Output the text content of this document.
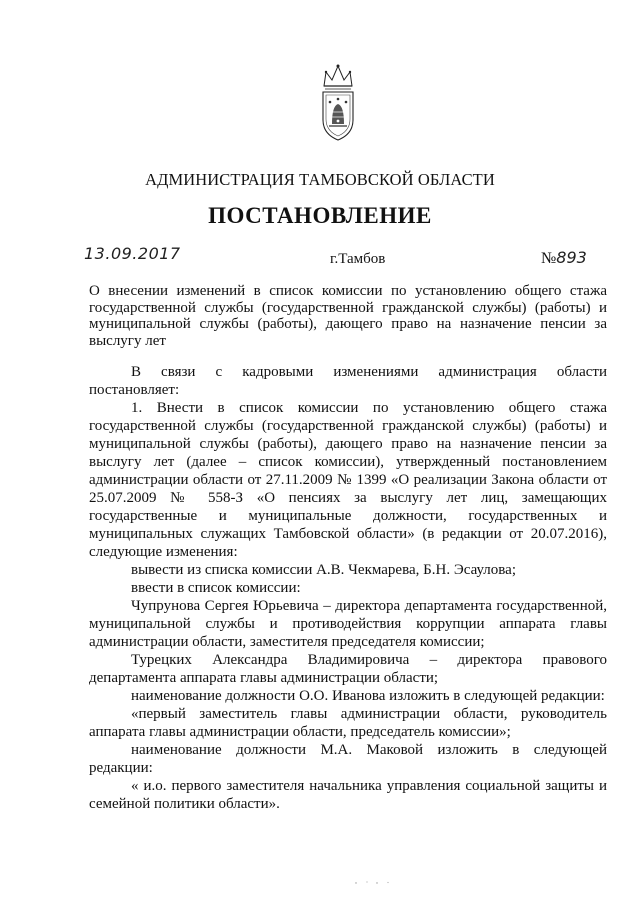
АДМИНИСТРАЦИЯ ТАМБОВСКОЙ ОБЛАСТИ
ПОСТАНОВЛЕНИЕ
13.09.2017	г.Тамбов	№893
О внесении изменений в список комиссии по установлению общего стажа государственной службы (государственной гражданской службы) (работы) и муниципальной службы (работы), дающего право на назначение пенсии за выслугу лет

В связи с кадровыми изменениями администрация области

постановляет:

1. Внести в список комиссии по установлению общего стажа государственной службы (государственной гражданской службы) (работы) и муниципальной службы (работы), дающего право на назначение пенсии за выслугу лет (далее – список комиссии), утвержденный постановлением администрации области от 27.11.2009 № 1399 «О реализации Закона области от 25.07.2009 № 558-З «О пенсиях за выслугу лет лиц, замещающих государственные и муниципальные должности, государственных и муниципальных служащих Тамбовской области» (в редакции от 20.07.2016), следующие изменения:

вывести из списка комиссии А.В. Чекмарева, Б.Н. Эсаулова;

ввести в список комиссии:

Чупрунова Сергея Юрьевича – директора департамента государственной, муниципальной службы и противодействия коррупции аппарата главы администрации области, заместителя председателя комиссии;

Турецких Александра Владимировича – директора правового департамента аппарата главы администрации области;

наименование должности О.О. Иванова изложить в следующей редакции:

«первый заместитель главы администрации области, руководитель аппарата главы администрации области, председатель комиссии»;

наименование должности М.А. Маковой изложить в следующей редакции:

« и.о. первого заместителя начальника управления социальной защиты и семейной политики области».
